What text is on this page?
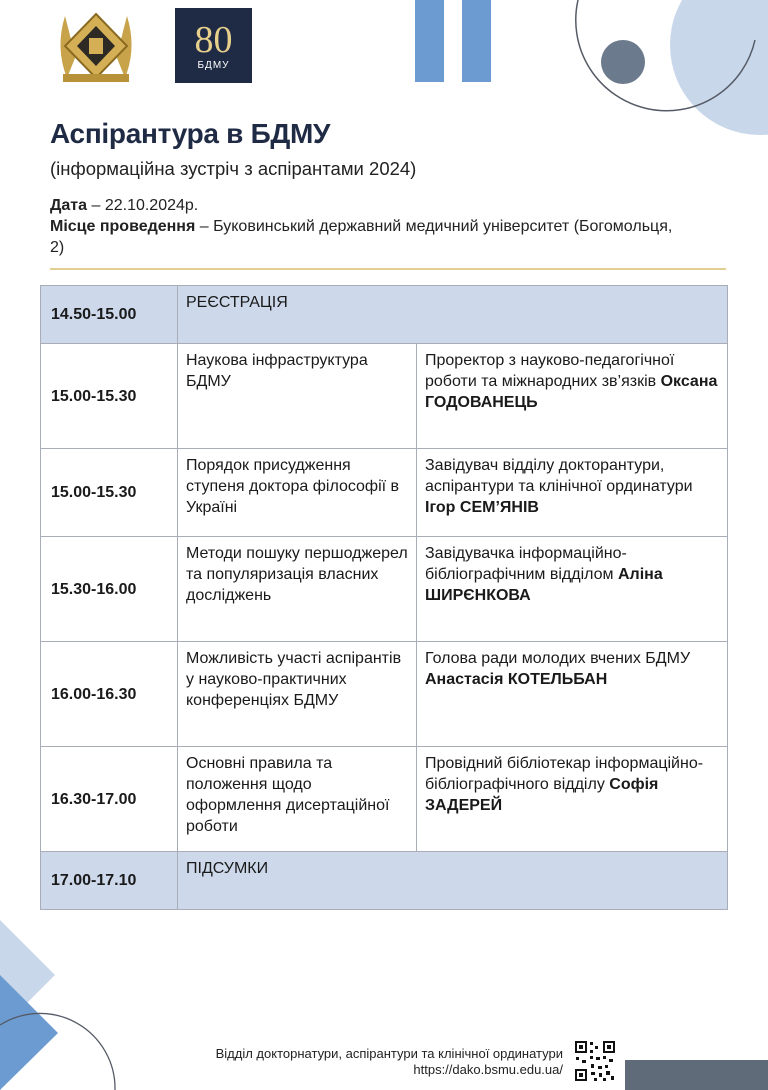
80
БДМУ
Аспірантура в БДМУ
(інформаційна зустріч з аспірантами 2024)
Дата – 22.10.2024р.
Місце проведення – Буковинський державний медичний університет (Богомольця, 2)
14.50-15.00	РЕЄСТРАЦІЯ	
15.00-15.30	Наукова інфраструктура БДМУ	Проректор з науково-педагогічної роботи та міжнародних зв’язків Оксана ГОДОВАНЕЦЬ
15.00-15.30	Порядок присудження ступеня доктора філософії в Україні	Завідувач відділу докторантури, аспірантури та клінічної ординатури Ігор СЕМ’ЯНІВ
15.30-16.00	Методи пошуку першоджерел та популяризація власних досліджень	Завідувачка інформаційно-бібліографічним відділом Аліна ШИРЄНКОВА
16.00-16.30	Можливість участі аспірантів у науково-практичних конференціях БДМУ	Голова ради молодих вчених БДМУ Анастасія КОТЕЛЬБАН
16.30-17.00	Основні правила та положення щодо оформлення дисертаційної роботи	Провідний бібліотекар інформаційно-бібліографічного відділу Софія ЗАДЕРЕЙ
17.00-17.10	ПІДСУМКИ	
Відділ докторнатури, аспірантури та клінічної ординатури
https://dako.bsmu.edu.ua/
